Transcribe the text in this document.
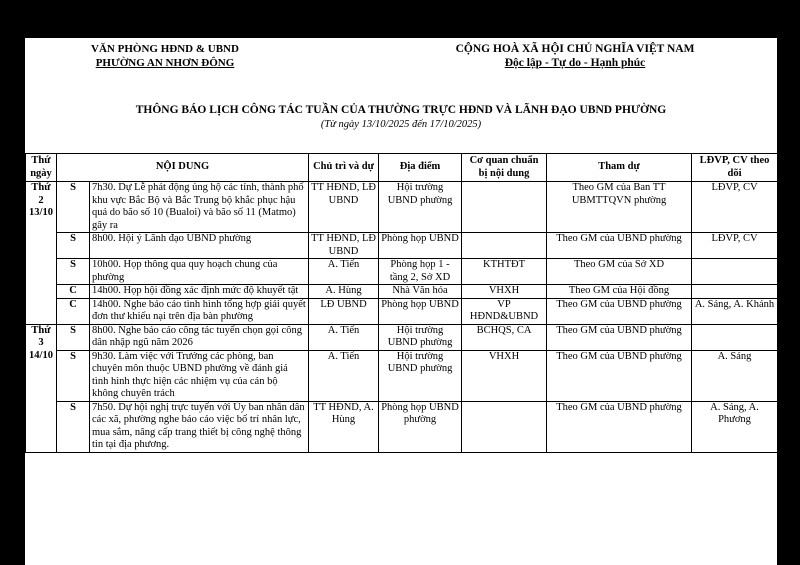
VĂN PHÒNG HĐND & UBND
PHƯỜNG AN NHƠN ĐÔNG
CỘNG HOÀ XÃ HỘI CHỦ NGHĨA VIỆT NAM
Độc lập - Tự do - Hạnh phúc
THÔNG BÁO LỊCH CÔNG TÁC TUẦN CỦA THƯỜNG TRỰC HĐND VÀ LÃNH ĐẠO UBND PHƯỜNG
(Từ ngày 13/10/2025 đến 17/10/2025)
Thứ ngày	NỘI DUNG		Chủ trì và dự	Địa điểm	Cơ quan chuẩn bị nội dung	Tham dự	LĐVP, CV theo dõi

Thứ 2
13/10	S	7h30. Dự Lễ phát động ủng hộ các tỉnh, thành phố khu vực Bắc Bộ và Bắc Trung bộ khắc phục hậu quả do bão số 10 (Bualoi) và bão số 11 (Matmo) gây ra	TT HĐND, LĐ UBND	Hội trường UBND phường		Theo GM của Ban TT UBMTTQVN phường	LĐVP, CV
	S	8h00. Hội ý Lãnh đạo UBND phường	TT HĐND, LĐ UBND	Phòng họp UBND		Theo GM của UBND phường	LĐVP, CV
	S	10h00. Họp thông qua quy hoạch chung của phường	A. Tiến	Phòng họp 1 - tầng 2, Sở XD	KTHTĐT	Theo GM của Sở XD	
	C	14h00. Họp hội đồng xác định mức độ khuyết tật	A. Hùng	Nhà Văn hóa	VHXH	Theo GM của Hội đồng	
	C	14h00. Nghe báo cáo tình hình tổng hợp giải quyết đơn thư khiếu nại trên địa bàn phường	LĐ UBND	Phòng họp UBND	VP HĐND&UBND	Theo GM của UBND phường	A. Sáng, A. Khánh

Thứ 3
14/10	S	8h00. Nghe báo cáo công tác tuyển chọn gọi công dân nhập ngũ năm 2026	A. Tiến	Hội trường UBND phường	BCHQS, CA	Theo GM của UBND phường	
	S	9h30. Làm việc với Trưởng các phòng, ban chuyên môn thuộc UBND phường về đánh giá tình hình thực hiện các nhiệm vụ của cán bộ không chuyên trách	A. Tiến	Hội trường UBND phường	VHXH	Theo GM của UBND phường	A. Sáng
	S	7h50. Dự hội nghị trực tuyến với Ủy ban nhân dân các xã, phường nghe báo cáo việc bố trí nhân lực, mua sắm, nâng cấp trang thiết bị công nghệ thông tin tại địa phương.	TT HĐND, A. Hùng	Phòng họp UBND phường		Theo GM của UBND phường	A. Sáng, A. Phương
